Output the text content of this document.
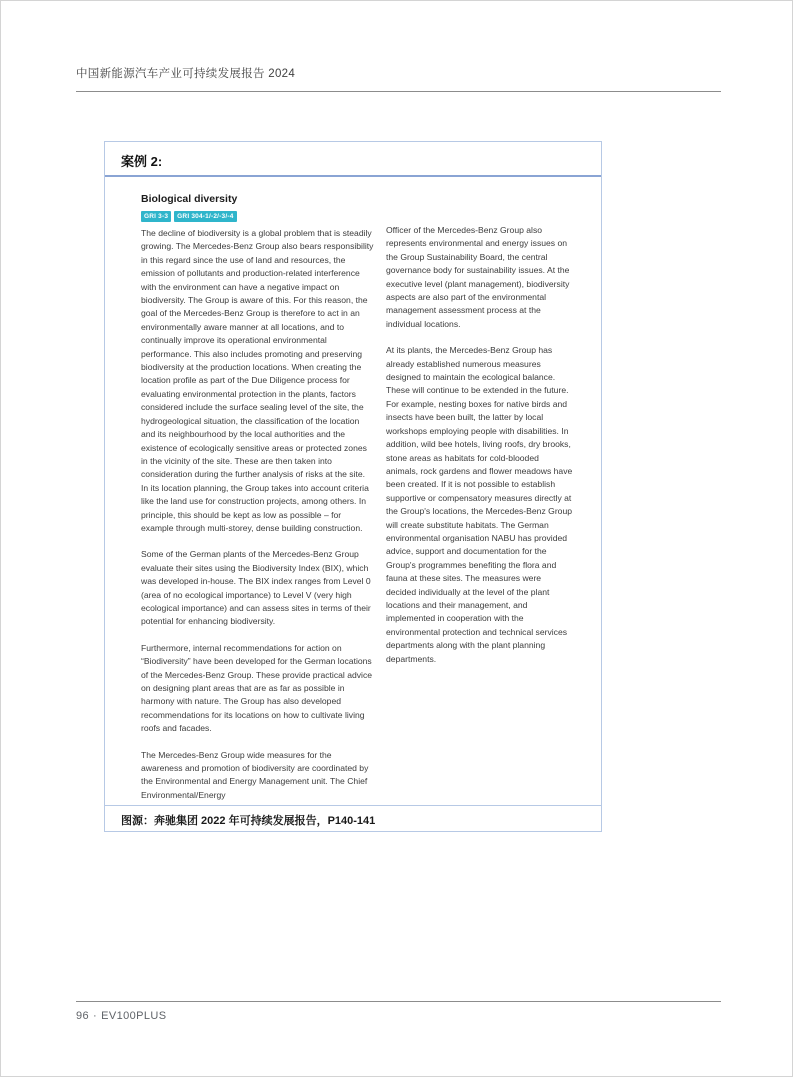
中国新能源汽车产业可持续发展报告 2024
案例 2:
Biological diversity
GRI 3-3 GRI 304-1/-2/-3/-4

The decline of biodiversity is a global problem that is steadily growing. The Mercedes-Benz Group also bears responsibility in this regard since the use of land and resources, the emission of pollutants and production-related interference with the environment can have a negative impact on biodiversity. The Group is aware of this. For this reason, the goal of the Mercedes-Benz Group is therefore to act in an environmentally aware manner at all locations, and to continually improve its operational environmental performance. This also includes promoting and preserving biodiversity at the production locations. When creating the location profile as part of the Due Diligence process for evaluating environmental protection in the plants, factors considered include the surface sealing level of the site, the hydrogeological situation, the classification of the location and its neighbourhood by the local authorities and the existence of ecologically sensitive areas or protected zones in the vicinity of the site. These are then taken into consideration during the further analysis of risks at the site. In its location planning, the Group takes into account criteria like the land use for construction projects, among others. In principle, this should be kept as low as possible – for example through multi-storey, dense building construction.

Some of the German plants of the Mercedes-Benz Group evaluate their sites using the Biodiversity Index (BIX), which was developed in-house. The BIX index ranges from Level 0 (area of no ecological importance) to Level V (very high ecological importance) and can assess sites in terms of their potential for enhancing biodiversity.

Furthermore, internal recommendations for action on “Biodiversity” have been developed for the German locations of the Mercedes-Benz Group. These provide practical advice on designing plant areas that are as far as possible in harmony with nature. The Group has also developed recommendations for its locations on how to cultivate living roofs and facades.

The Mercedes-Benz Group wide measures for the awareness and promotion of biodiversity are coordinated by the Environmental and Energy Management unit. The Chief Environmental/Energy

Officer of the Mercedes-Benz Group also represents environmental and energy issues on the Group Sustainability Board, the central governance body for sustainability issues. At the executive level (plant management), biodiversity aspects are also part of the environmental management assessment process at the individual locations.

At its plants, the Mercedes-Benz Group has already established numerous measures designed to maintain the ecological balance. These will continue to be extended in the future. For example, nesting boxes for native birds and insects have been built, the latter by local workshops employing people with disabilities. In addition, wild bee hotels, living roofs, dry brooks, stone areas as habitats for cold-blooded animals, rock gardens and flower meadows have been created. If it is not possible to establish supportive or compensatory measures directly at the Group's locations, the Mercedes-Benz Group will create substitute habitats. The German environmental organisation NABU has provided advice, support and documentation for the Group's programmes benefiting the flora and fauna at these sites. The measures were decided individually at the level of the plant locations and their management, and implemented in cooperation with the environmental protection and technical services departments along with the plant planning departments.

图源：奔驰集团 2022 年可持续发展报告，P140-141
96 · EV100PLUS
